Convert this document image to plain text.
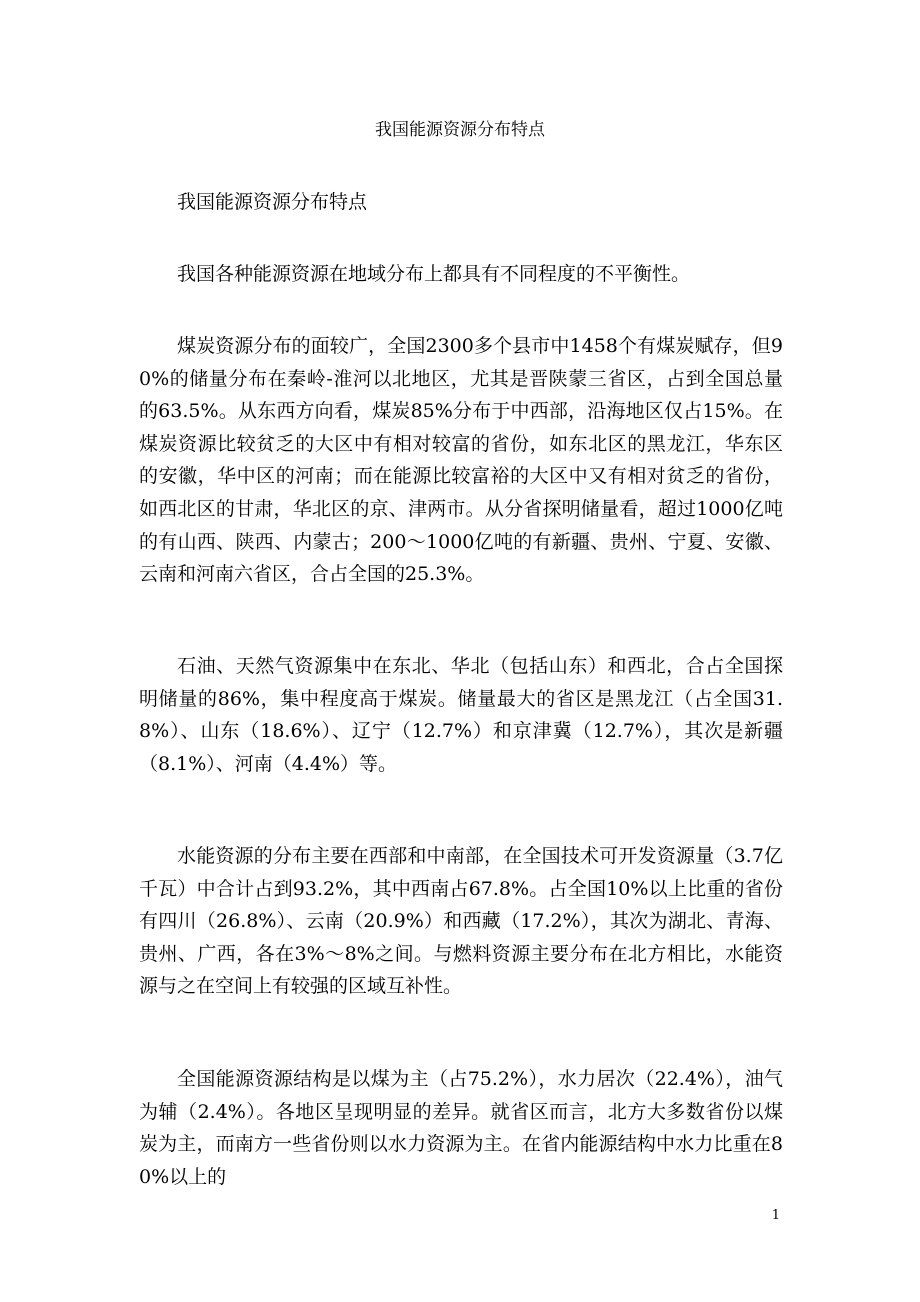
我国能源资源分布特点

我国能源资源分布特点

我国各种能源资源在地域分布上都具有不同程度的不平衡性。

煤炭资源分布的面较广，全国2300多个县市中1458个有煤炭赋存，但90%的储量分布在秦岭-淮河以北地区，尤其是晋陕蒙三省区，占到全国总量的63.5%。从东西方向看，煤炭85%分布于中西部，沿海地区仅占15%。在煤炭资源比较贫乏的大区中有相对较富的省份，如东北区的黑龙江，华东区的安徽，华中区的河南；而在能源比较富裕的大区中又有相对贫乏的省份，如西北区的甘肃，华北区的京、津两市。从分省探明储量看，超过1000亿吨的有山西、陕西、内蒙古；200～1000亿吨的有新疆、贵州、宁夏、安徽、云南和河南六省区，合占全国的25.3%。

石油、天然气资源集中在东北、华北（包括山东）和西北，合占全国探明储量的86%，集中程度高于煤炭。储量最大的省区是黑龙江（占全国31.8%）、山东（18.6%）、辽宁（12.7%）和京津冀（12.7%），其次是新疆（8.1%）、河南（4.4%）等。

水能资源的分布主要在西部和中南部，在全国技术可开发资源量（3.7亿千瓦）中合计占到93.2%，其中西南占67.8%。占全国10%以上比重的省份有四川（26.8%）、云南（20.9%）和西藏（17.2%），其次为湖北、青海、贵州、广西，各在3%～8%之间。与燃料资源主要分布在北方相比，水能资源与之在空间上有较强的区域互补性。

全国能源资源结构是以煤为主（占75.2%），水力居次（22.4%），油气为辅（2.4%）。各地区呈现明显的差异。就省区而言，北方大多数省份以煤炭为主，而南方一些省份则以水力资源为主。在省内能源结构中水力比重在80%以上的

1
